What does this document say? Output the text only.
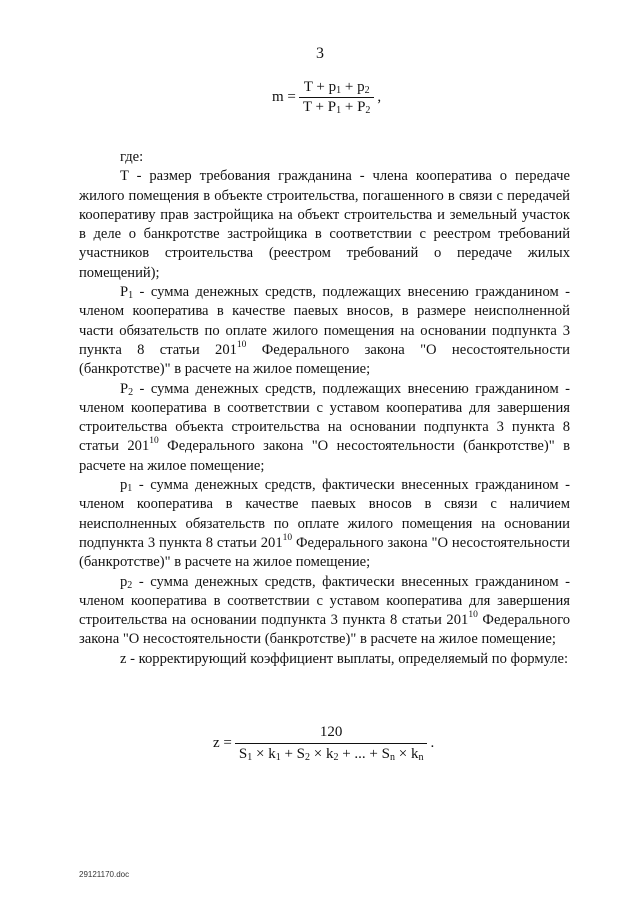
3
$m = \frac{T + p_1 + p_2}{T + P_1 + P_2}$ ,

где:

T - размер требования гражданина - члена кооператива о передаче жилого помещения в объекте строительства, погашенного в связи с передачей кооперативу прав застройщика на объект строительства и земельный участок в деле о банкротстве застройщика в соответствии с реестром требований участников строительства (реестром требований о передаче жилых помещений);

$P_1$ - сумма денежных средств, подлежащих внесению гражданином - членом кооператива в качестве паевых вносов, в размере неисполненной части обязательств по оплате жилого помещения на основании подпункта 3 пункта 8 статьи $201^{10}$ Федерального закона "О несостоятельности (банкротстве)" в расчете на жилое помещение;

$P_2$ - сумма денежных средств, подлежащих внесению гражданином - членом кооператива в соответствии с уставом кооператива для завершения строительства объекта строительства на основании подпункта 3 пункта 8 статьи $201^{10}$ Федерального закона "О несостоятельности (банкротстве)" в расчете на жилое помещение;

$p_1$ - сумма денежных средств, фактически внесенных гражданином - членом кооператива в качестве паевых вносов в связи с наличием неисполненных обязательств по оплате жилого помещения на основании подпункта 3 пункта 8 статьи $201^{10}$ Федерального закона "О несостоятельности (банкротстве)" в расчете на жилое помещение;

$p_2$ - сумма денежных средств, фактически внесенных гражданином - членом кооператива в соответствии с уставом кооператива для завершения строительства на основании подпункта 3 пункта 8 статьи $201^{10}$ Федерального закона "О несостоятельности (банкротстве)" в расчете на жилое помещение;

z - корректирующий коэффициент выплаты, определяемый по формуле:

z =
120
$S_1 \times k_1 + S_2 \times k_2$ + ... + $S_n \times k_n$
.
29121170.doc
